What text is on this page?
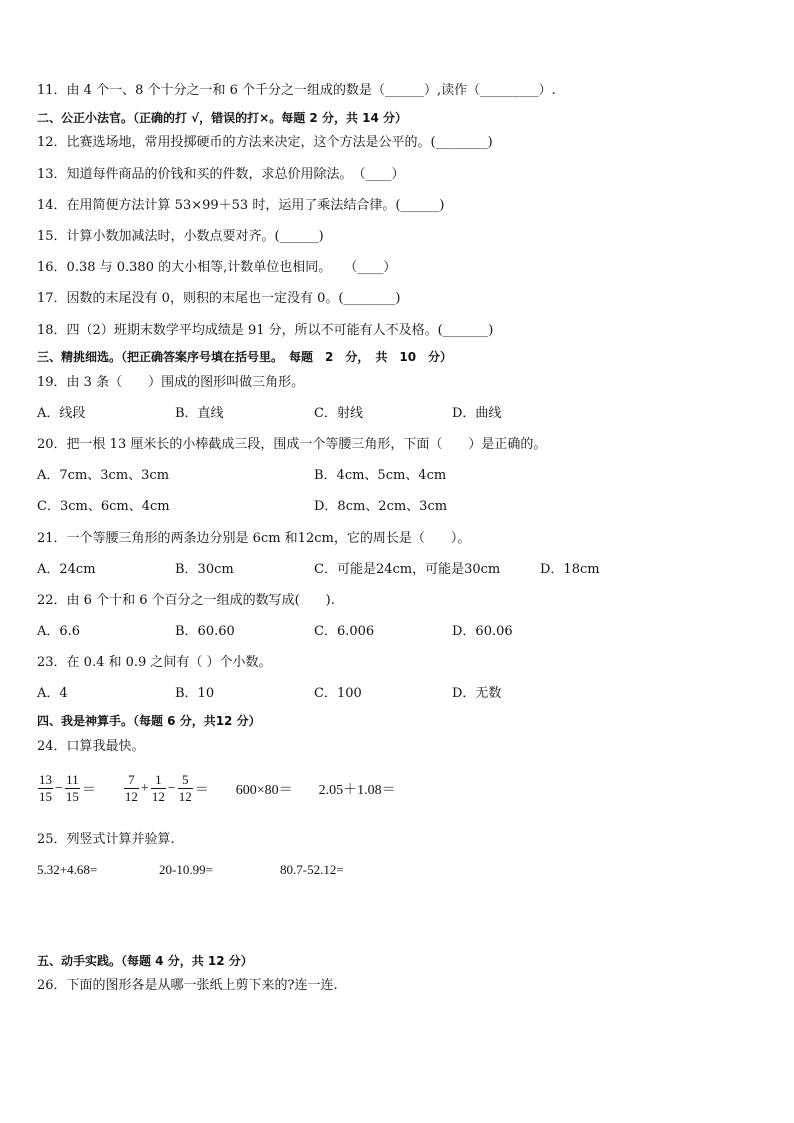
11．由 4 个一、8 个十分之一和 6 个千分之一组成的数是（______）,读作（_________）.
二、公正小法官。（正确的打 √，错误的打×。每题 2 分，共 14 分）
12．比赛选场地，常用投掷硬币的方法来决定，这个方法是公平的。(________)
13．知道每件商品的价钱和买的件数，求总价用除法。　（____）
14．在用简便方法计算 53×99＋53 时，运用了乘法结合律。(______)
15．计算小数加减法时，小数点要对齐。(______)
16．0.38 与 0.380 的大小相等,计数单位也相同。　　（____）
17．因数的末尾没有 0，则积的末尾也一定没有 0。(________)
18．四（2）班期末数学平均成绩是 91 分，所以不可能有人不及格。(_______)
三、精挑细选。（把正确答案序号填在括号里。　每题　2　分，　共　10　分）
19．由 3 条（　　）围成的图形叫做三角形。
A．线段	B．直线	C．射线	D．曲线
20．把一根 13 厘米长的小棒截成三段，围成一个等腰三角形，下面（　　）是正确的。
A．7cm、3cm、3cm	B．4cm、5cm、4cm
C．3cm、6cm、4cm	D．8cm、2cm、3cm
21．一个等腰三角形的两条边分别是 6cm 和12cm，它的周长是（　　）。
A．24cm	B．30cm	C．可能是24cm，可能是30cm	D．18cm
22．由 6 个十和 6 个百分之一组成的数写成(　　).
A．6.6	B．60.60	C．6.006	D．60.06
23．在 0.4 和 0.9 之间有（ ）个小数。
A．4	B．10	C．100	D．无数
四、我是神算手。（每题 6 分，共12 分）
24．口算我最快。
$\frac{13}{15} - \frac{11}{15} = \frac{7}{12} + \frac{1}{12} - \frac{5}{12} = 600\times 80= 2.05+1.08=$
25．列竖式计算并验算.
5.32+4.68=	20-10.99=	80.7-52.12=
五、动手实践。（每题 4 分，共 12 分）
26．下面的图形各是从哪一张纸上剪下来的?连一连.
